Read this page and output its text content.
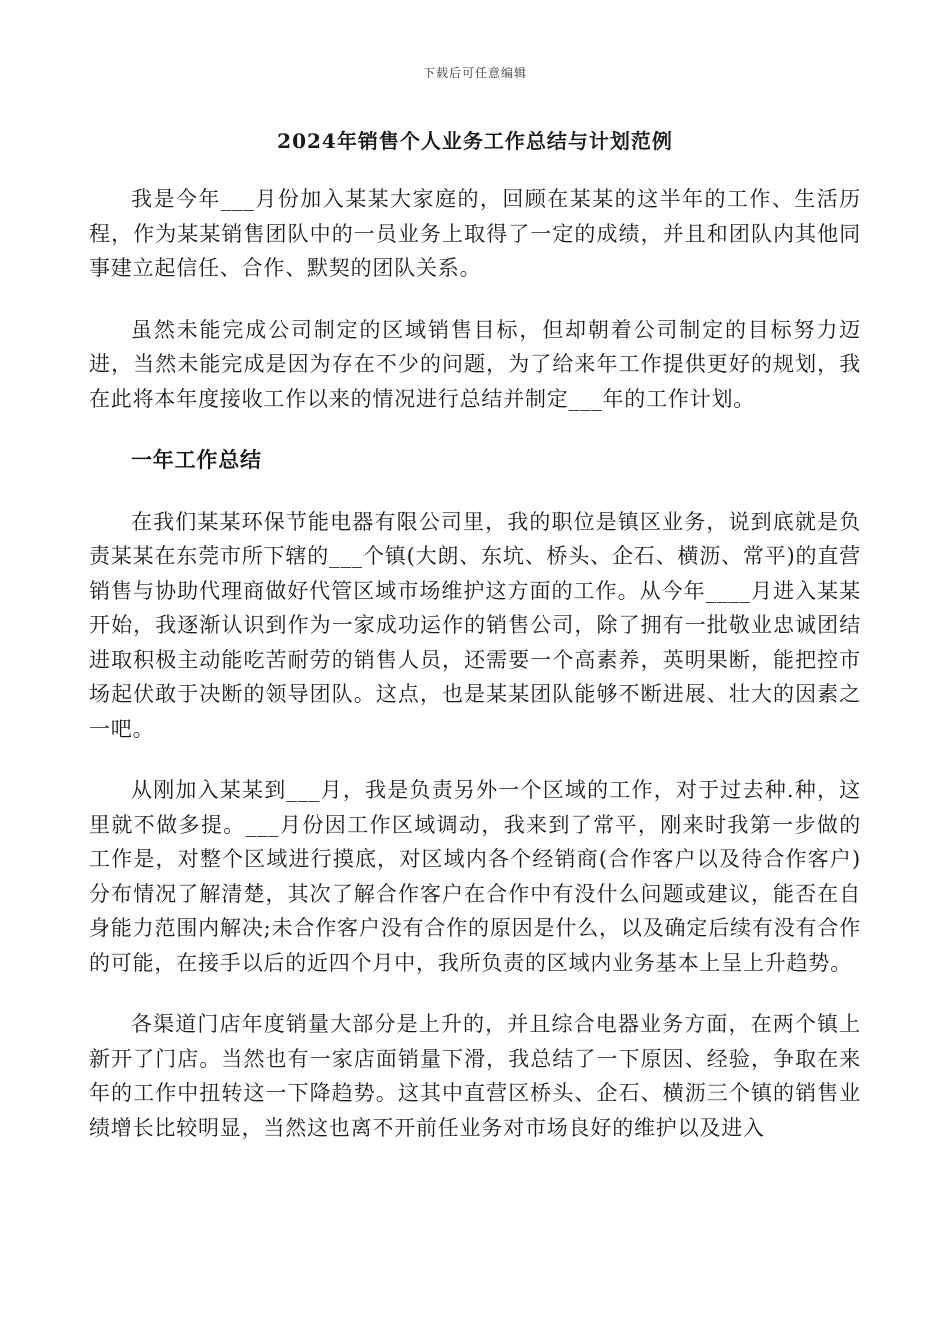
下载后可任意编辑
2024年销售个人业务工作总结与计划范例

我是今年___月份加入某某大家庭的，回顾在某某的这半年的工作、生活历程，作为某某销售团队中的一员业务上取得了一定的成绩，并且和团队内其他同事建立起信任、合作、默契的团队关系。

虽然未能完成公司制定的区域销售目标，但却朝着公司制定的目标努力迈进，当然未能完成是因为存在不少的问题，为了给来年工作提供更好的规划，我在此将本年度接收工作以来的情况进行总结并制定___年的工作计划。

一年工作总结

在我们某某环保节能电器有限公司里，我的职位是镇区业务，说到底就是负责某某在东莞市所下辖的___个镇(大朗、东坑、桥头、企石、横沥、常平)的直营销售与协助代理商做好代管区域市场维护这方面的工作。从今年____月进入某某开始，我逐渐认识到作为一家成功运作的销售公司，除了拥有一批敬业忠诚团结进取积极主动能吃苦耐劳的销售人员，还需要一个高素养，英明果断，能把控市场起伏敢于决断的领导团队。这点，也是某某团队能够不断进展、壮大的因素之一吧。

从刚加入某某到___月，我是负责另外一个区域的工作，对于过去种.种，这里就不做多提。___月份因工作区域调动，我来到了常平，刚来时我第一步做的工作是，对整个区域进行摸底，对区域内各个经销商(合作客户以及待合作客户)分布情况了解清楚，其次了解合作客户在合作中有没什么问题或建议，能否在自身能力范围内解决;未合作客户没有合作的原因是什么，以及确定后续有没有合作的可能，在接手以后的近四个月中，我所负责的区域内业务基本上呈上升趋势。

各渠道门店年度销量大部分是上升的，并且综合电器业务方面，在两个镇上新开了门店。当然也有一家店面销量下滑，我总结了一下原因、经验，争取在来年的工作中扭转这一下降趋势。这其中直营区桥头、企石、横沥三个镇的销售业绩增长比较明显，当然这也离不开前任业务对市场良好的维护以及进入
